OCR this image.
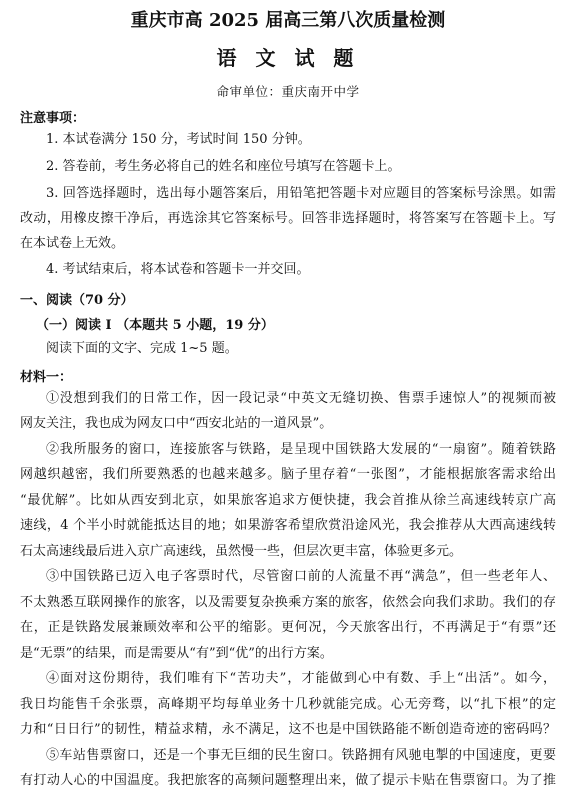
重庆市高 2025 届高三第八次质量检测
语 文 试 题
命审单位：重庆南开中学
注意事项：
1. 本试卷满分 150 分，考试时间 150 分钟。
2. 答卷前，考生务必将自己的姓名和座位号填写在答题卡上。
3. 回答选择题时，选出每小题答案后，用铅笔把答题卡对应题目的答案标号涂黑。如需
改动，用橡皮擦干净后，再选涂其它答案标号。回答非选择题时，将答案写在答题卡上。写
在本试卷上无效。
4. 考试结束后，将本试卷和答题卡一并交回。
一、阅读（70 分）
（一）阅读 I （本题共 5 小题，19 分）
阅读下面的文字、完成 1~5 题。
材料一：
①没想到我们的日常工作，因一段记录“中英文无缝切换、售票手速惊人”的视频而被
网友关注，我也成为网友口中“西安北站的一道风景”。
②我所服务的窗口，连接旅客与铁路，是呈现中国铁路大发展的“一扇窗”。随着铁路
网越织越密，我们所要熟悉的也越来越多。脑子里存着“一张图”，才能根据旅客需求给出
“最优解”。比如从西安到北京，如果旅客追求方便快捷，我会首推从徐兰高速线转京广高
速线，4 个半小时就能抵达目的地；如果游客希望欣赏沿途风光，我会推荐从大西高速线转
石太高速线最后进入京广高速线，虽然慢一些，但层次更丰富，体验更多元。
③中国铁路已迈入电子客票时代，尽管窗口前的人流量不再“满急”，但一些老年人、
不太熟悉互联网操作的旅客，以及需要复杂换乘方案的旅客，依然会向我们求助。我们的存
在，正是铁路发展兼顾效率和公平的缩影。更何况，今天旅客出行，不再满足于“有票”还
是“无票”的结果，而是需要从“有”到“优”的出行方案。
④面对这份期待，我们唯有下“苦功夫”，才能做到心中有数、手上“出活”。如今，
我日均能售千余张票，高峰期平均每单业务十几秒就能完成。心无旁骛，以“扎下根”的定
力和“日日行”的韧性，精益求精，永不满足，这不也是中国铁路能不断创造奇迹的密码吗？
⑤车站售票窗口，还是一个事无巨细的民生窗口。铁路拥有风驰电掣的中国速度，更要
有打动人心的中国温度。我把旅客的高频问题整理出来，做了提示卡贴在售票窗口。为了推
